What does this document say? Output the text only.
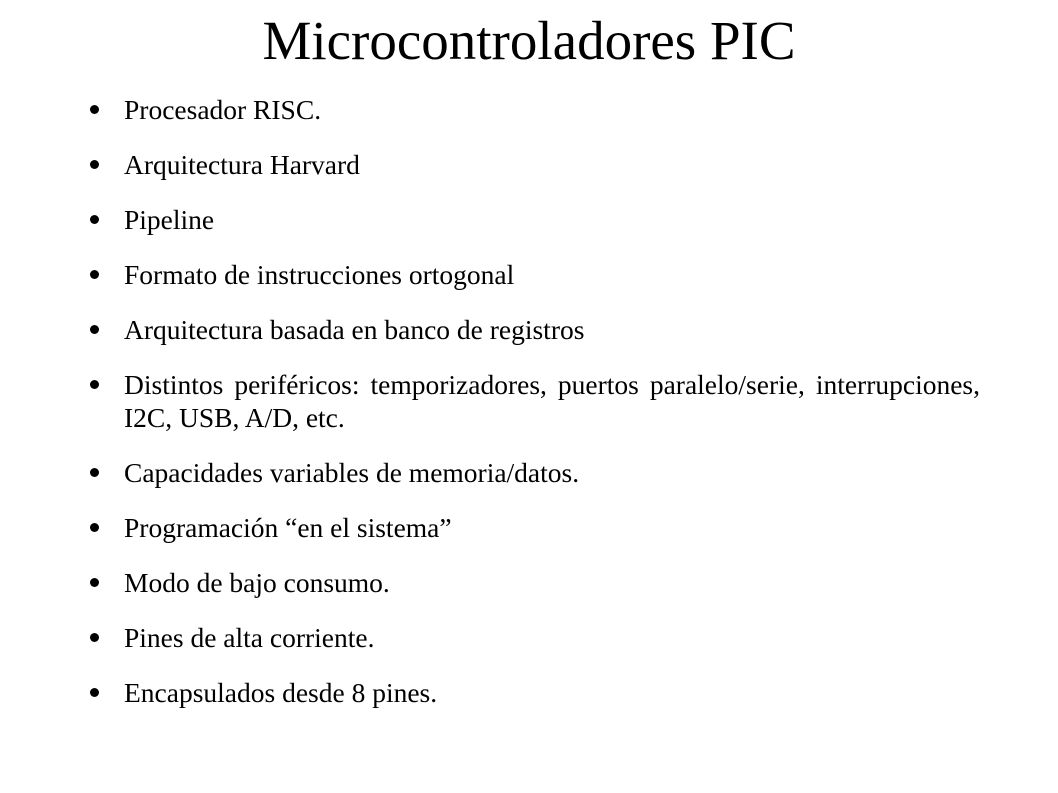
Microcontroladores PIC
Procesador RISC.
Arquitectura Harvard
Pipeline
Formato de instrucciones ortogonal
Arquitectura basada en banco de registros
Distintos periféricos: temporizadores, puertos paralelo/serie, interrupciones, I2C, USB, A/D, etc.
Capacidades variables de memoria/datos.
Programación “en el sistema”
Modo de bajo consumo.
Pines de alta corriente.
Encapsulados desde 8 pines.
